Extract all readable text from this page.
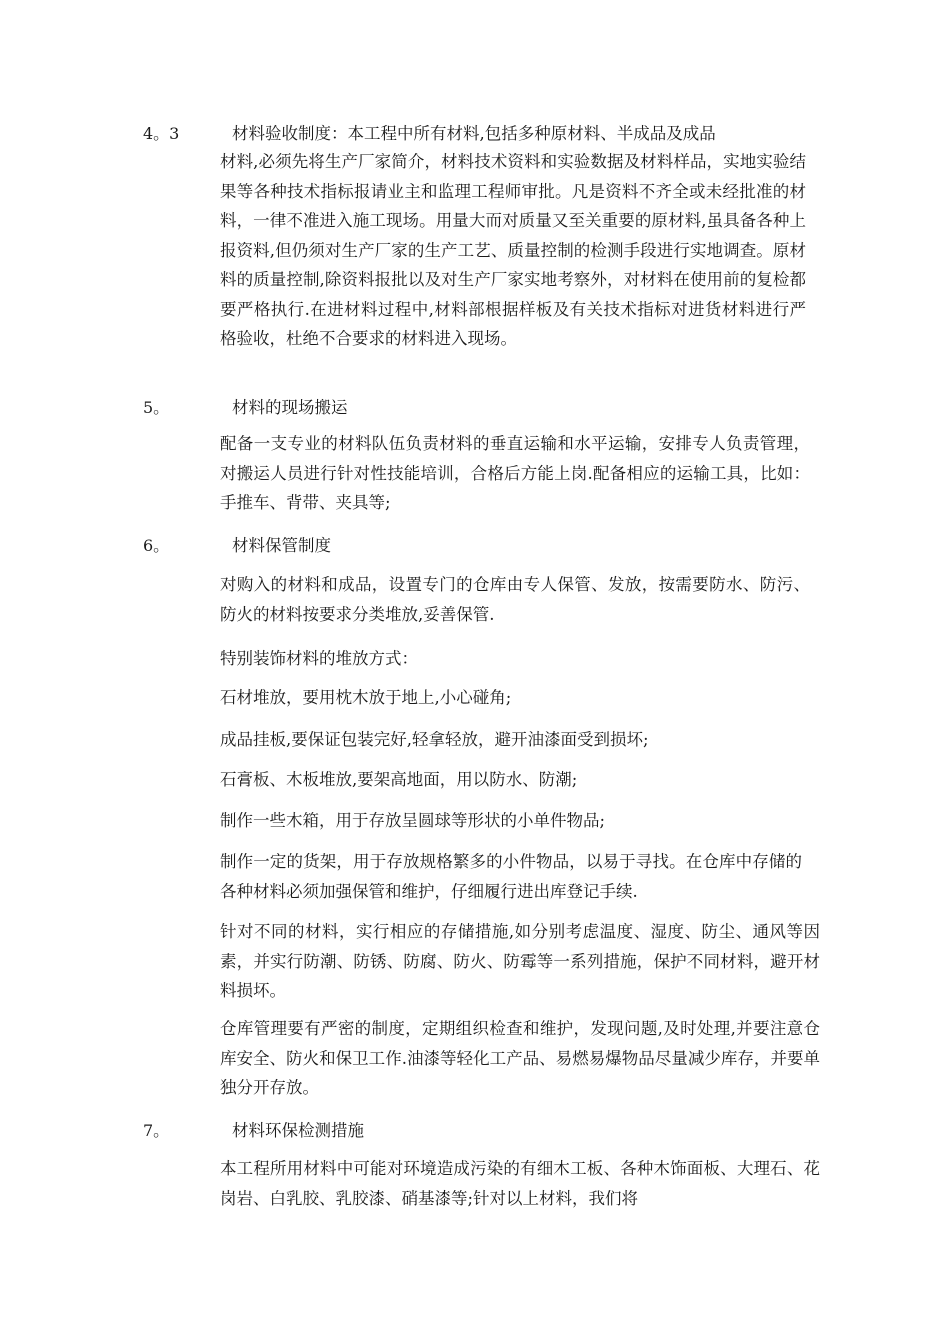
4。3	材料验收制度：本工程中所有材料,包括多种原材料、半成品及成品
材料,必须先将生产厂家简介，材料技术资料和实验数据及材料样品，实地实验结果等各种技术指标报请业主和监理工程师审批。凡是资料不齐全或未经批准的材料，一律不准进入施工现场。用量大而对质量又至关重要的原材料,虽具备各种上报资料,但仍须对生产厂家的生产工艺、质量控制的检测手段进行实地调查。原材料的质量控制,除资料报批以及对生产厂家实地考察外，对材料在使用前的复检都要严格执行.在进材料过程中,材料部根据样板及有关技术指标对进货材料进行严格验收，杜绝不合要求的材料进入现场。
5。	材料的现场搬运
配备一支专业的材料队伍负责材料的垂直运输和水平运输，安排专人负责管理，对搬运人员进行针对性技能培训，合格后方能上岗.配备相应的运输工具，比如：手推车、背带、夹具等;
6。	材料保管制度
对购入的材料和成品，设置专门的仓库由专人保管、发放，按需要防水、防污、防火的材料按要求分类堆放,妥善保管.
特别装饰材料的堆放方式：
石材堆放，要用枕木放于地上,小心碰角;
成品挂板,要保证包装完好,轻拿轻放，避开油漆面受到损坏;
石膏板、木板堆放,要架高地面，用以防水、防潮;
制作一些木箱，用于存放呈圆球等形状的小单件物品;
制作一定的货架，用于存放规格繁多的小件物品，以易于寻找。在仓库中存储的各种材料必须加强保管和维护，仔细履行进出库登记手续.
针对不同的材料，实行相应的存储措施,如分别考虑温度、湿度、防尘、通风等因素，并实行防潮、防锈、防腐、防火、防霉等一系列措施，保护不同材料，避开材料损坏。
仓库管理要有严密的制度，定期组织检查和维护，发现问题,及时处理,并要注意仓库安全、防火和保卫工作.油漆等轻化工产品、易燃易爆物品尽量减少库存，并要单独分开存放。
7。	材料环保检测措施
本工程所用材料中可能对环境造成污染的有细木工板、各种木饰面板、大理石、花岗岩、白乳胶、乳胶漆、硝基漆等;针对以上材料，我们将
